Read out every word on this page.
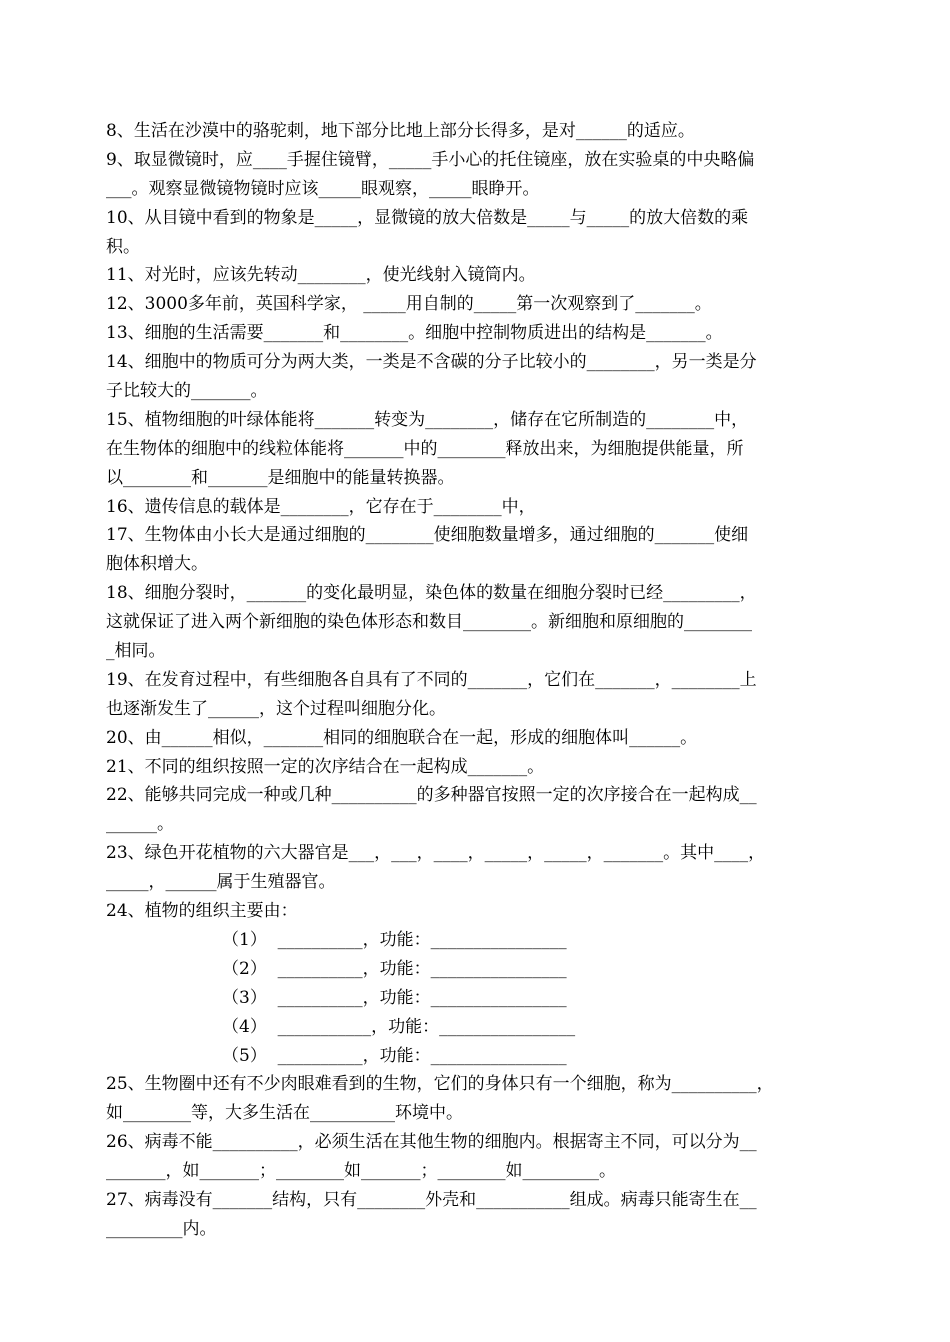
8、生活在沙漠中的骆驼刺，地下部分比地上部分长得多，是对______的适应。
9、取显微镜时，应____手握住镜臂，_____手小心的托住镜座，放在实验桌的中央略偏
___。观察显微镜物镜时应该_____眼观察，_____眼睁开。
10、从目镜中看到的物象是_____，显微镜的放大倍数是_____与_____的放大倍数的乘
积。
11、对光时，应该先转动________，使光线射入镜筒内。
12、3000多年前，英国科学家， _____用自制的_____第一次观察到了_______。
13、细胞的生活需要_______和________。细胞中控制物质进出的结构是_______。
14、细胞中的物质可分为两大类，一类是不含碳的分子比较小的________，另一类是分
子比较大的_______。
15、植物细胞的叶绿体能将_______转变为________，储存在它所制造的________中，
在生物体的细胞中的线粒体能将_______中的________释放出来，为细胞提供能量，所
以________和_______是细胞中的能量转换器。
16、遗传信息的载体是________，它存在于________中，
17、生物体由小长大是通过细胞的________使细胞数量增多，通过细胞的_______使细
胞体积增大。
18、细胞分裂时，_______的变化最明显，染色体的数量在细胞分裂时已经_________，
这就保证了进入两个新细胞的染色体形态和数目________。新细胞和原细胞的________
_相同。
19、在发育过程中，有些细胞各自具有了不同的_______，它们在_______，________上
也逐渐发生了______，这个过程叫细胞分化。
20、由______相似，_______相同的细胞联合在一起，形成的细胞体叫______。
21、不同的组织按照一定的次序结合在一起构成_______。
22、能够共同完成一种或几种__________的多种器官按照一定的次序接合在一起构成__
______。
23、绿色开花植物的六大器官是___，___，____，_____，_____，_______。其中____，
_____，______属于生殖器官。
24、植物的组织主要由：
（1）  __________，功能：________________
（2）  __________，功能：________________
（3）  __________，功能：________________
（4）  ___________，功能：________________
（5）  __________，功能：________________
25、生物圈中还有不少肉眼难看到的生物，它们的身体只有一个细胞，称为__________，
如________等，大多生活在__________环境中。
26、病毒不能__________，必须生活在其他生物的细胞内。根据寄主不同，可以分为__
_______，如_______；________如_______；________如_________。
27、病毒没有_______结构，只有________外壳和___________组成。病毒只能寄生在__
_________内。
